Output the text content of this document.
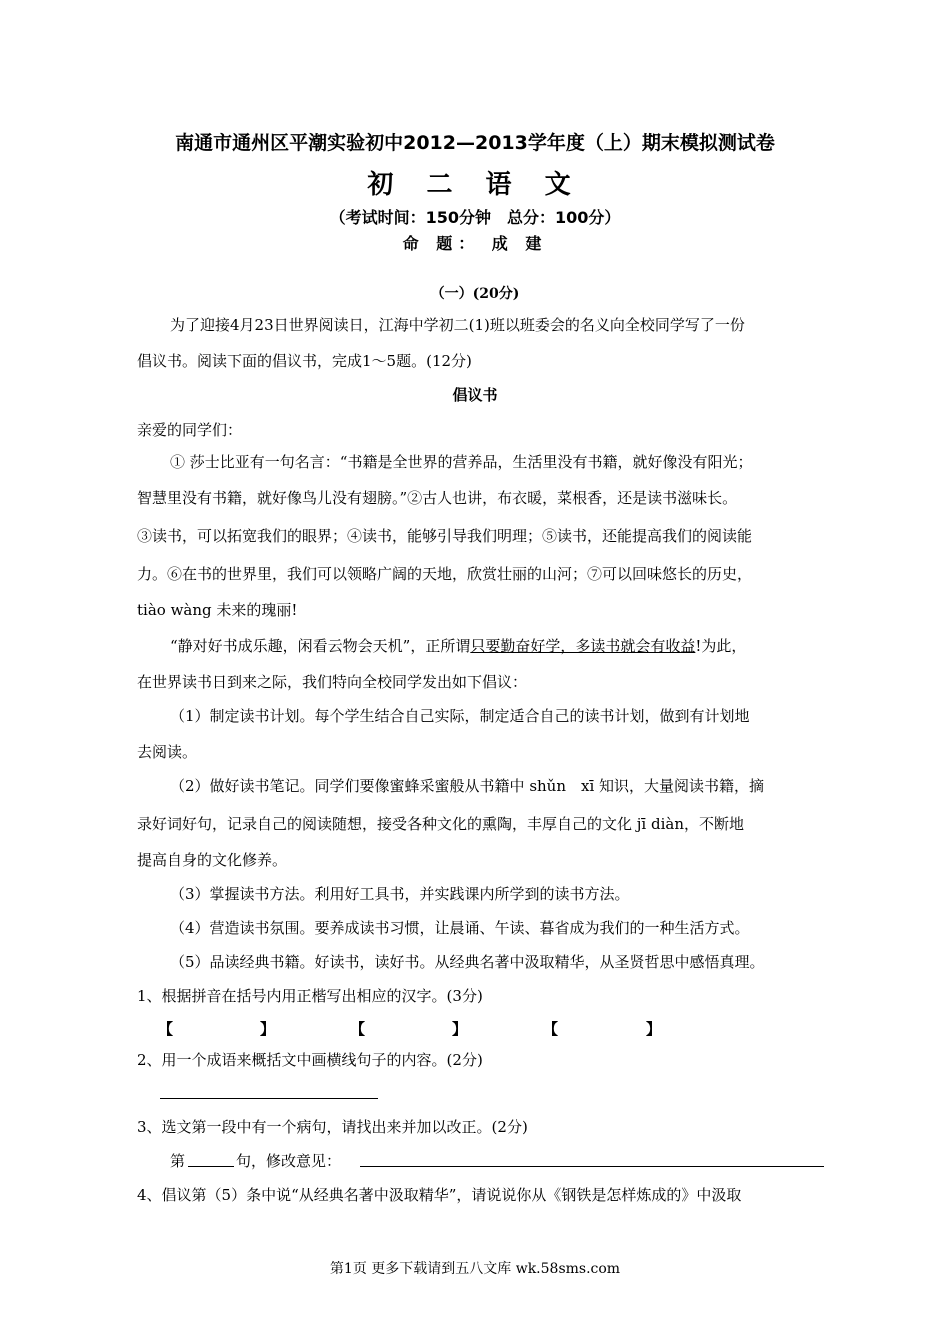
南通市通州区平潮实验初中2012—2013学年度（上）期末模拟测试卷
初 二 语 文
（考试时间：150分钟　总分：100分）
命 题： 成 建
（一）(20分)
为了迎接4月23日世界阅读日，江海中学初二(1)班以班委会的名义向全校同学写了一份
倡议书。阅读下面的倡议书，完成1～5题。(12分)
倡议书
亲爱的同学们：
① 莎士比亚有一句名言：“书籍是全世界的营养品，生活里没有书籍，就好像没有阳光；
智慧里没有书籍，就好像鸟儿没有翅膀。”②古人也讲，布衣暖，菜根香，还是读书滋味长。
③读书，可以拓宽我们的眼界；④读书，能够引导我们明理；⑤读书，还能提高我们的阅读能
力。⑥在书的世界里，我们可以领略广阔的天地，欣赏壮丽的山河；⑦可以回味悠长的历史，
tiào wàng 未来的瑰丽!
“静对好书成乐趣，闲看云物会天机”，正所谓只要勤奋好学，多读书就会有收益!为此，
在世界读书日到来之际，我们特向全校同学发出如下倡议：
（1）制定读书计划。每个学生结合自己实际，制定适合自己的读书计划，做到有计划地
去阅读。
（2）做好读书笔记。同学们要像蜜蜂采蜜般从书籍中 shǔn　xī 知识，大量阅读书籍，摘
录好词好句，记录自己的阅读随想，接受各种文化的熏陶，丰厚自己的文化 jī diàn，不断地
提高自身的文化修养。
（3）掌握读书方法。利用好工具书，并实践课内所学到的读书方法。
（4）营造读书氛围。要养成读书习惯，让晨诵、午读、暮省成为我们的一种生活方式。
（5）品读经典书籍。好读书，读好书。从经典名著中汲取精华，从圣贤哲思中感悟真理。
1、根据拼音在括号内用正楷写出相应的汉字。(3分)
【	】	【	】	【	】
2、用一个成语来概括文中画横线句子的内容。(2分)
3、选文第一段中有一个病句，请找出来并加以改正。(2分)
第	句，修改意见：
4、倡议第（5）条中说“从经典名著中汲取精华”，请说说你从《钢铁是怎样炼成的》中汲取
第1页 更多下载请到五八文库 wk.58sms.com
